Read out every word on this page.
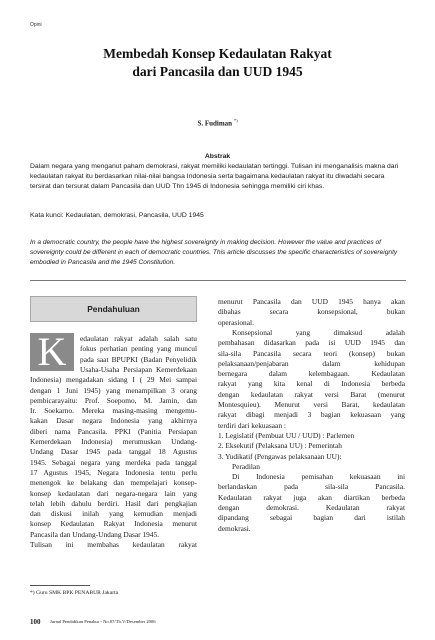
Opini
Membedah Konsep Kedaulatan Rakyat
dari Pancasila dan UUD 1945
S. Fudiman *)
Abstrak
Dalam negara yang menganut paham demokrasi, rakyat memiliki kedaulatan tertinggi. Tulisan ini menganalisis makna dari kedaulatan rakyat itu berdasarkan nilai-nilai bangsa Indonesia serta bagaimana kedaulatan rakyat itu diwadahi secara tersirat dan tersurat dalam Pancasila dan UUD Thn 1945 di Indonesia sehingga memiliki ciri khas.
Kata kunci: Kedaulatan, demokrasi, Pancasila, UUD 1945
In a democratic country, the people have the highest sovereignty in making decision. However the value and practices of sovereignty could be different in each of democratic countries. This article discusses the specific characteristics of sovereignty embodied in Pancasila and the 1945 Constitution.
Pendahuluan
K	edaulatan rakyat adalah salah satu
fokus perhatian penting yang muncul
pada saat BPUPKI (Badan Penyelidik
Usaha-Usaha Persiapan Kemerdekaan
Indonesia) mengadakan sidang I ( 29 Mei sampai
dengan 1 Juni 1945) yang menampilkan 3 orang
pembicarayaitu: Prof. Soepomo, M. Jamin, dan
Ir. Soekarno. Mereka masing-masing mengemu-
kakan Dasar negara Indonesia yang akhirnya
diberi nama Pancasila. PPKI (Panitia Persiapan
Kemerdekaan Indonesia) merumuskan Undang-
Undang Dasar 1945 pada tanggal 18 Agustus
1945. Sebagai negara yang merdeka pada tanggal
17 Agustus 1945, Negara Indonesia tentu perlu
menengok ke belakang dan mempelajari konsep-
konsep kedaulatan dari negara-negara lain yang
telah lebih dahulu berdiri. Hasil dari pengkajian
dan diskusi inilah yang kemudian menjadi
konsep Kedaulatan Rakyat Indonesia menurut
Pancasila dan Undang-Undang Dasar 1945.
Tulisan ini membahas kedaulatan rakyat
menurut Pancasila dan UUD 1945 hanya akan
dibahas secara konsepsional, bukan
operasional.
Konsepsional yang dimaksud adalah
pembahasan didasarkan pada isi UUD 1945 dan
sila-sila Pancasila secara teori (konsep) bukan
pelaksanaan/penjabaran dalam kehidupan
bernegara dalam kelembagaan. Kedaulatan
rakyat yang kita kenal di Indonesia berbeda
dengan kedaulatan rakyat versi Barat (menurut
Montesquieu). Menurut versi Barat, kedaulatan
rakyat dibagi menjadi 3 bagian kekuasaan yang
terdiri dari kekuasaan :
1. Legislatif (Pembuat UU / UUD) : Parlemen
2. Eksekutif (Pelaksana UU) : Pemerintah
3. Yudikatif (Pengawas pelaksanaan UU):
Peradilan
Di Indonesia pemisahan kekuasaan ini
berlandaskan pada sila-sila Pancasila.
Kedaulatan rakyat juga akan diartikan berbeda
dengan demokrasi. Kedaulatan rakyat
dipandang sebagai bagian dari istilah
demokrasi.
*) Guru SMK BPK PENABUR Jakarta
100 Jurnal Pendidikan Penabur - No.07/Th.V/Desember 2006
